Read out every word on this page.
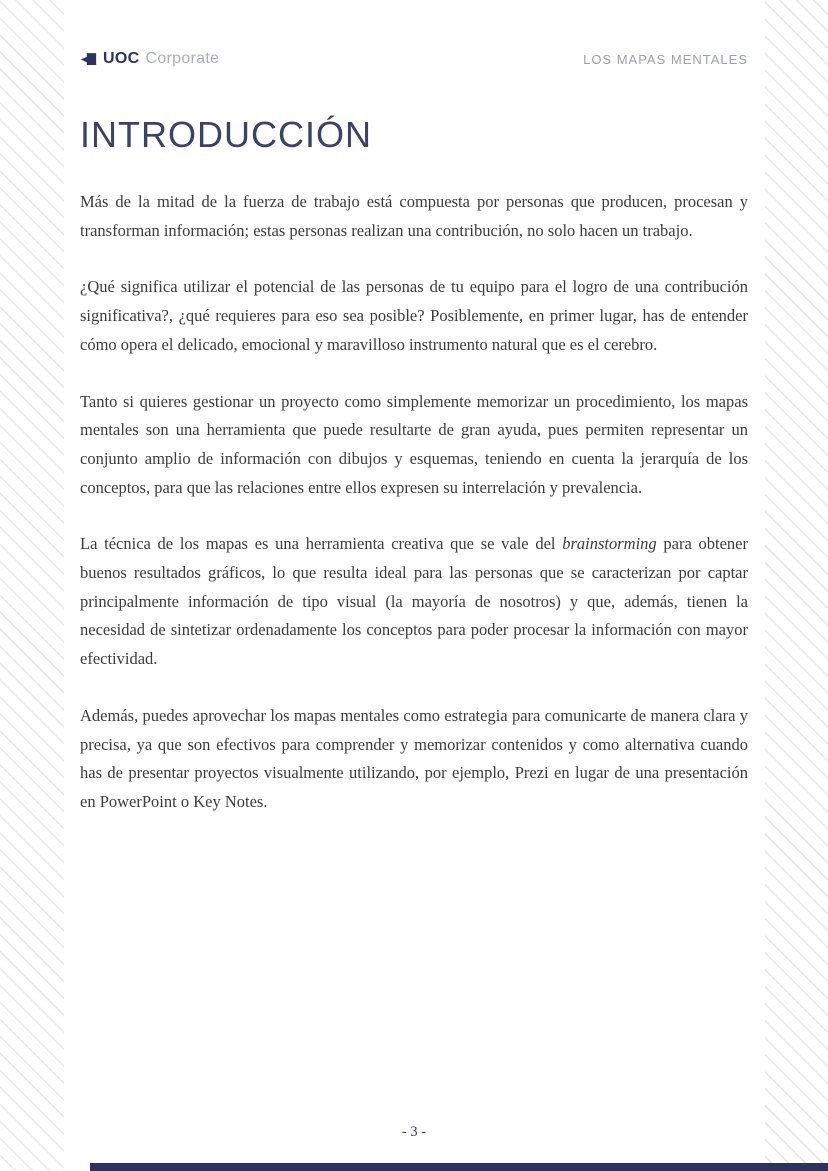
UOC Corporate	LOS MAPAS MENTALES
INTRODUCCIÓN

Más de la mitad de la fuerza de trabajo está compuesta por personas que producen, procesan y transforman información; estas personas realizan una contribución, no solo hacen un trabajo.

¿Qué significa utilizar el potencial de las personas de tu equipo para el logro de una contribución significativa?, ¿qué requieres para eso sea posible? Posiblemente, en primer lugar, has de entender cómo opera el delicado, emocional y maravilloso instrumento natural que es el cerebro.

Tanto si quieres gestionar un proyecto como simplemente memorizar un procedimiento, los mapas mentales son una herramienta que puede resultarte de gran ayuda, pues permiten representar un conjunto amplio de información con dibujos y esquemas, teniendo en cuenta la jerarquía de los conceptos, para que las relaciones entre ellos expresen su interrelación y prevalencia.

La técnica de los mapas es una herramienta creativa que se vale del brainstorming para obtener buenos resultados gráficos, lo que resulta ideal para las personas que se caracterizan por captar principalmente información de tipo visual (la mayoría de nosotros) y que, además, tienen la necesidad de sintetizar ordenadamente los conceptos para poder procesar la información con mayor efectividad.

Además, puedes aprovechar los mapas mentales como estrategia para comunicarte de manera clara y precisa, ya que son efectivos para comprender y memorizar contenidos y como alternativa cuando has de presentar proyectos visualmente utilizando, por ejemplo, Prezi en lugar de una presentación en PowerPoint o Key Notes.

- 3 -
